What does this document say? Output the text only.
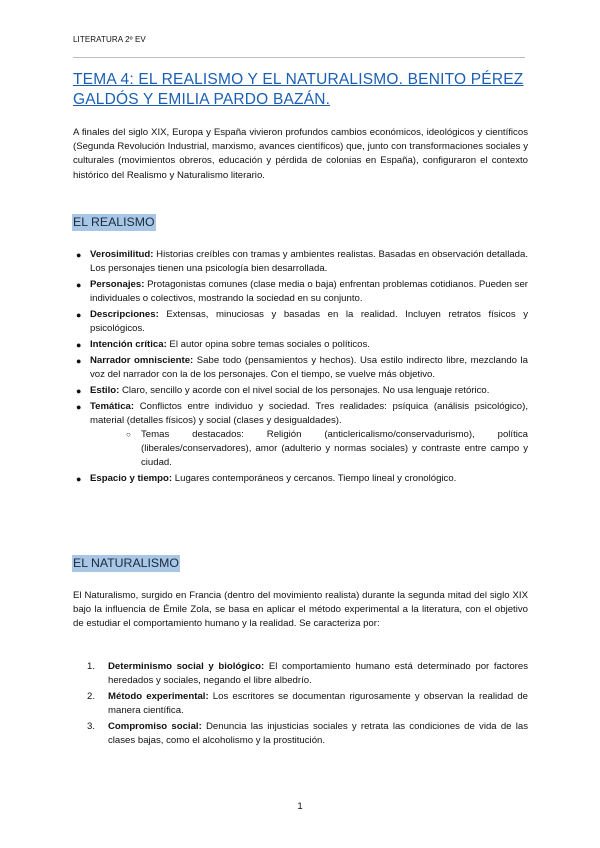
LITERATURA 2º EV
TEMA 4: EL REALISMO Y EL NATURALISMO. BENITO PÉREZ GALDÓS Y EMILIA PARDO BAZÁN.
A finales del siglo XIX, Europa y España vivieron profundos cambios económicos, ideológicos y científicos (Segunda Revolución Industrial, marxismo, avances científicos) que, junto con transformaciones sociales y culturales (movimientos obreros, educación y pérdida de colonias en España), configuraron el contexto histórico del Realismo y Naturalismo literario.
EL REALISMO
● Verosimilitud: Historias creíbles con tramas y ambientes realistas. Basadas en observación detallada. Los personajes tienen una psicología bien desarrollada.
● Personajes: Protagonistas comunes (clase media o baja) enfrentan problemas cotidianos. Pueden ser individuales o colectivos, mostrando la sociedad en su conjunto.
● Descripciones: Extensas, minuciosas y basadas en la realidad. Incluyen retratos físicos y psicológicos.
● Intención crítica: El autor opina sobre temas sociales o políticos.
● Narrador omnisciente: Sabe todo (pensamientos y hechos). Usa estilo indirecto libre, mezclando la voz del narrador con la de los personajes. Con el tiempo, se vuelve más objetivo.
● Estilo: Claro, sencillo y acorde con el nivel social de los personajes. No usa lenguaje retórico.
● Temática: Conflictos entre individuo y sociedad. Tres realidades: psíquica (análisis psicológico), material (detalles físicos) y social (clases y desigualdades).
○ Temas destacados: Religión (anticlericalismo/conservadurismo), política (liberales/conservadores), amor (adulterio y normas sociales) y contraste entre campo y ciudad.
● Espacio y tiempo: Lugares contemporáneos y cercanos. Tiempo lineal y cronológico.
EL NATURALISMO
El Naturalismo, surgido en Francia (dentro del movimiento realista) durante la segunda mitad del siglo XIX bajo la influencia de Émile Zola, se basa en aplicar el método experimental a la literatura, con el objetivo de estudiar el comportamiento humano y la realidad. Se caracteriza por:
1. Determinismo social y biológico: El comportamiento humano está determinado por factores heredados y sociales, negando el libre albedrío.
2. Método experimental: Los escritores se documentan rigurosamente y observan la realidad de manera científica.
3. Compromiso social: Denuncia las injusticias sociales y retrata las condiciones de vida de las clases bajas, como el alcoholismo y la prostitución.
1
